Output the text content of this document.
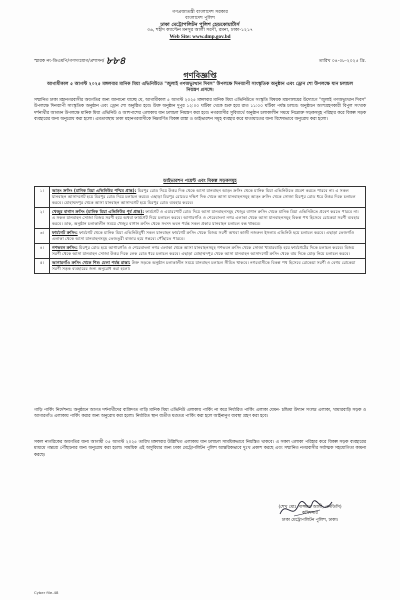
গণপ্রজাতন্ত্রী বাংলাদেশ সরকার
বাংলাদেশ পুলিশ
ঢাকা মেট্রোপলিটন পুলিশ হেডকোয়ার্টার্স
৩৬, শহীদ ক্যাপ্টেন মনসুর আলী সরণী, রমনা, ঢাকা-১২১৭
Web Site: www.dmp.gov.bd
স্মারক নং-ডিএমপি/গণসংযোগ/প্রশাসন/ ৮৮৪	তারিখ ০৪-০৮-২০২৫ খ্রি.
গণবিজ্ঞপ্তি
আগামীকাল ৫ আগস্ট ২০২৫ মঙ্গলবার মানিক মিয়া এভিনিউতে "জুলাই গণঅভ্যুত্থান দিবস" উপলক্ষে দিনব্যাপী সাংস্কৃতিক অনুষ্ঠান এবং ড্রোন শো উপলক্ষে যান চলাচল নিয়ন্ত্রণ প্রসঙ্গে।
সম্মানিত ঢাকা মহানগরবাসীর অবগতির জন্য জানানো যাচ্ছে যে, আগামীকাল ৫ আগস্ট ২০২৫ মঙ্গলবার মানিক মিয়া এভিনিউতে সংস্কৃতি বিষয়ক মন্ত্রণালয়ের উদ্যোগে "জুলাই গণঅভ্যুত্থান দিবস" উপলক্ষে দিনব্যাপী সাংস্কৃতিক অনুষ্ঠান এবং ড্রোন শো অনুষ্ঠিত হবে। উক্ত অনুষ্ঠান দুপুর ১২:০০ ঘটিকা থেকে শুরু হয়ে রাত ১১:০০ ঘটিকা পর্যন্ত চলবে। অনুষ্ঠানে অংশগ্রহণকারী বিপুল সংখ্যক দর্শনার্থীর আগমন উপলক্ষে মানিক মিয়া এভিনিউ ও আশপাশের এলাকায় যান চলাচল নিয়ন্ত্রণ করা হবে। নগরবাসীর সুবিধার্থে অনুষ্ঠান চলাকালীন সময়ে নিম্নোক্ত সড়কসমূহ পরিহার করে বিকল্প সড়ক ব্যবহারের জন্য অনুরোধ করা হলো। এমতাবস্থায় ঢাকা মহানগরবাসীকে নিম্নবর্ণিত বিকল্প রাস্তা ও ডাইভারশন সমূহ ব্যবহার করে যাতায়াতের জন্য বিশেষভাবে অনুরোধ করা হলো।
ডাইভারশন পয়েন্ট এবং বিকল্প সড়কসমূহ
১।	আড়ং ক্রসিং (মানিক মিয়া এভিনিউর পশ্চিম প্রান্ত): মিরপুর রোড দিয়ে উত্তর দিক থেকে আসা যানবাহন আড়ং ক্রসিং থেকে মানিক মিয়া এভিনিউতে প্রবেশ করতে পারবে না। এ সকল যানবাহন আসাদগেট হয়ে মিরপুর রোড দিয়ে চলাচল করবে। এছাড়া মিরপুর রোডের দক্ষিণ দিক থেকে আসা যানবাহনসমূহ আড়ং ক্রসিং থেকে সোজা মিরপুর রোড ধরে উত্তর দিকে চলাচল করবে। মোহাম্মদপুর থেকে আসা যানবাহন আসাদগেট হয়ে মিরপুর রোড ব্যবহার করবে।
২।	খেজুর বাগান ক্রসিং (মানিক মিয়া এভিনিউর পূর্ব প্রান্ত): ফার্মগেট ও এয়ারপোর্ট রোড দিয়ে আসা যানবাহনসমূহ খেজুর বাগান ক্রসিং থেকে মানিক মিয়া এভিনিউতে প্রবেশ করতে পারবে না। এ সকল যানবাহন সোজা বিজয় সরণী হয়ে অথবা ফার্মগেট দিয়ে চলাচল করবে। আগারগাঁও ও শেরেবাংলা নগর এলাকা থেকে আসা যানবাহনসমূহ বিকল্প পথ হিসেবে রোকেয়া সরণী ব্যবহার করবে। ডাক, অনুষ্ঠান চলাকালীন সময়ে খেজুর বাগান ক্রসিং থেকে সংসদ ভবন পর্যন্ত সকল প্রকার যানবাহন চলাচল বন্ধ থাকবে।
৩।	ফার্মগেট ক্রসিং: ফার্মগেট থেকে মানিক মিয়া এভিনিউমুখী সকল যানবাহন ফার্মগেট ক্রসিং থেকে বিজয় সরণী অথবা কাজী নজরুল ইসলাম এভিনিউ হয়ে চলাচল করবে। এছাড়া তেজগাঁও এলাকা থেকে আসা যানবাহনসমূহ তেজতুরী বাজার হয়ে গন্তব্যে পৌঁছাতে পারবে।
৪।	গণভবন ক্রসিং: মিরপুর রোড হয়ে আগারগাঁও ও শেরেবাংলা নগর এলাকা থেকে আসা যানবাহনসমূহ গণভবন ক্রসিং থেকে সোজা খামারবাড়ি হয়ে ফার্মগেটের দিকে চলাচল করবে। বিজয় সরণী থেকে আসা যানবাহন সোজা উত্তর দিকে লেক রোড ধরে চলাচল করবে। এছাড়া মোহাম্মদপুর থেকে আসা যানবাহন আসাদগেট ক্রসিং থেকে বাম দিকে মোড় নিয়ে চলাচল করবে।
৫।	আগারগাঁও ক্রসিং থেকে শিশু মেলা পর্যন্ত রাস্তা: উক্ত সড়কে অনুষ্ঠান চলাকালীন সময়ে যানবাহন চলাচল সীমিত থাকবে। নগরবাসীকে বিকল্প পথ হিসেবে রোকেয়া সরণী ও বেগম রোকেয়া সরণী সড়ক ব্যবহারের জন্য অনুরোধ করা হলো।
গাড়ি পার্কিং নির্দেশনাঃ অনুষ্ঠানে আগত দর্শনার্থীদের ব্যক্তিগত গাড়ি মানিক মিয়া এভিনিউ এলাকায় পার্কিং না করে নির্ধারিত পার্কিং এলাকা যেমন- চন্দ্রিমা উদ্যান সংলগ্ন এলাকা, খামারবাড়ি সড়ক ও আগারগাঁও এলাকায় পার্কিং করার জন্য অনুরোধ করা হলো। নির্ধারিত স্থান ব্যতীত যত্রতত্র পার্কিং করা হলে আইনানুগ ব্যবস্থা গ্রহণ করা হবে।
সকল নাগরিকের অবগতির জন্য আগামী ০৫ আগস্ট ২০২৫ তারিখ মঙ্গলবার উল্লিখিত এলাকায় যান চলাচল সাময়িকভাবে নিয়ন্ত্রিত থাকবে। এ সকল এলাকা পরিহার করে বিকল্প সড়ক ব্যবহারের মাধ্যমে গন্তব্যে পৌঁছানোর জন্য অনুরোধ করা হলো। সাময়িক এই অসুবিধার জন্য ঢাকা মেট্রোপলিটন পুলিশ আন্তরিকভাবে দুঃখ প্রকাশ করছে এবং সম্মানিত নগরবাসীর সর্বাত্মক সহযোগিতা কামনা করছে।
(শেখ মোঃ সাজ্জাত আলী, এনডিসি)
কমিশনার
ঢাকা মেট্রোপলিটন পুলিশ, ঢাকা।
Cyber file-48
